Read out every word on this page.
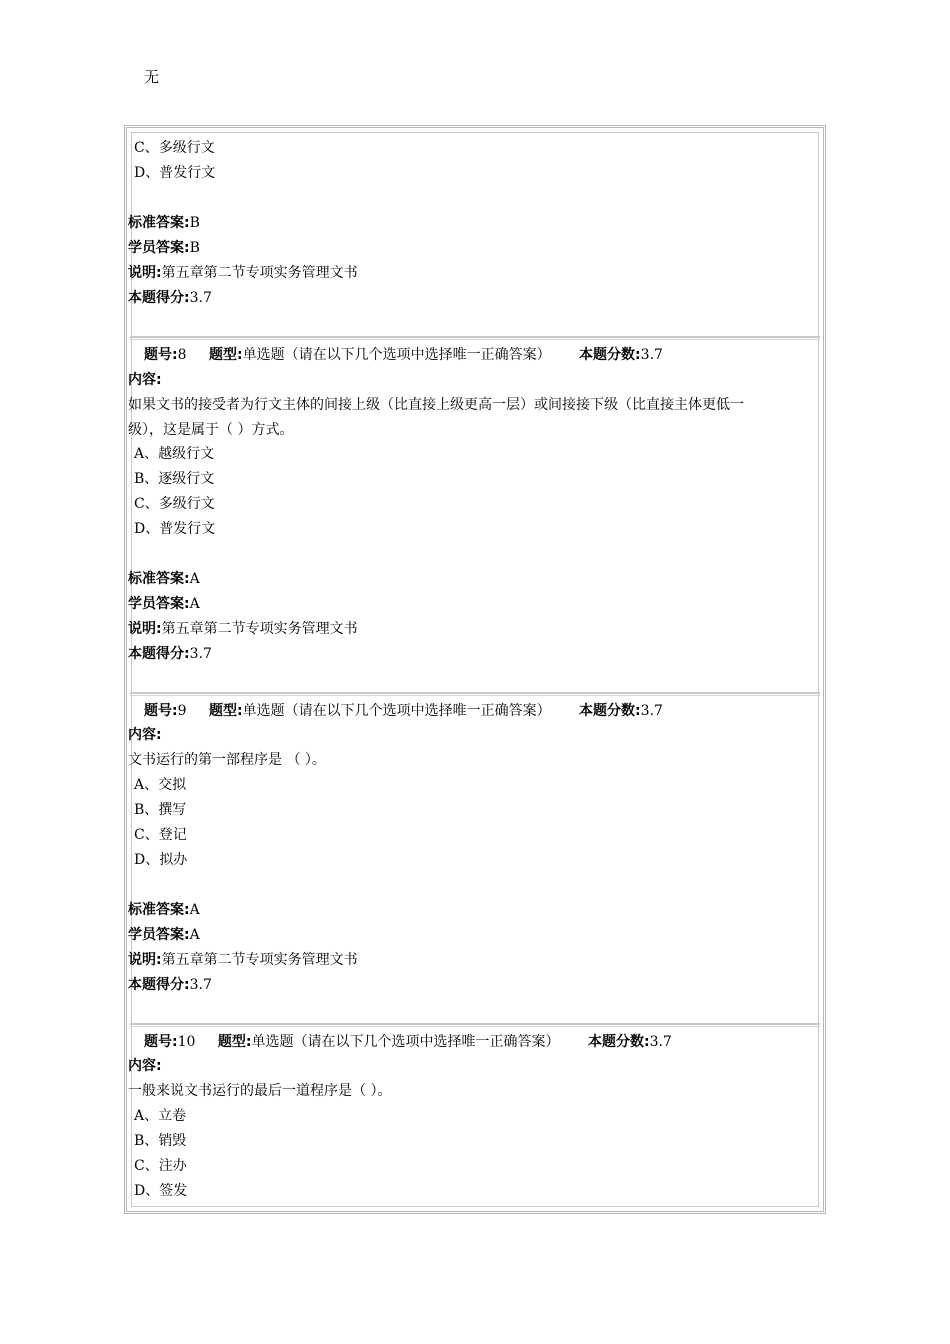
无
C、多级行文
D、普发行文
标准答案:B
学员答案:B
说明:第五章第二节专项实务管理文书
本题得分:3.7
题号:8 题型:单选题（请在以下几个选项中选择唯一正确答案） 本题分数:3.7
内容:
如果文书的接受者为行文主体的间接上级（比直接上级更高一层）或间接接下级（比直接主体更低一
级），这是属于（ ）方式。
A、越级行文
B、逐级行文
C、多级行文
D、普发行文
标准答案:A
学员答案:A
说明:第五章第二节专项实务管理文书
本题得分:3.7
题号:9 题型:单选题（请在以下几个选项中选择唯一正确答案） 本题分数:3.7
内容:
文书运行的第一部程序是 （ ）。
A、交拟
B、撰写
C、登记
D、拟办
标准答案:A
学员答案:A
说明:第五章第二节专项实务管理文书
本题得分:3.7
题号:10 题型:单选题（请在以下几个选项中选择唯一正确答案） 本题分数:3.7
内容:
一般来说文书运行的最后一道程序是（ ）。
A、立卷
B、销毁
C、注办
D、签发
